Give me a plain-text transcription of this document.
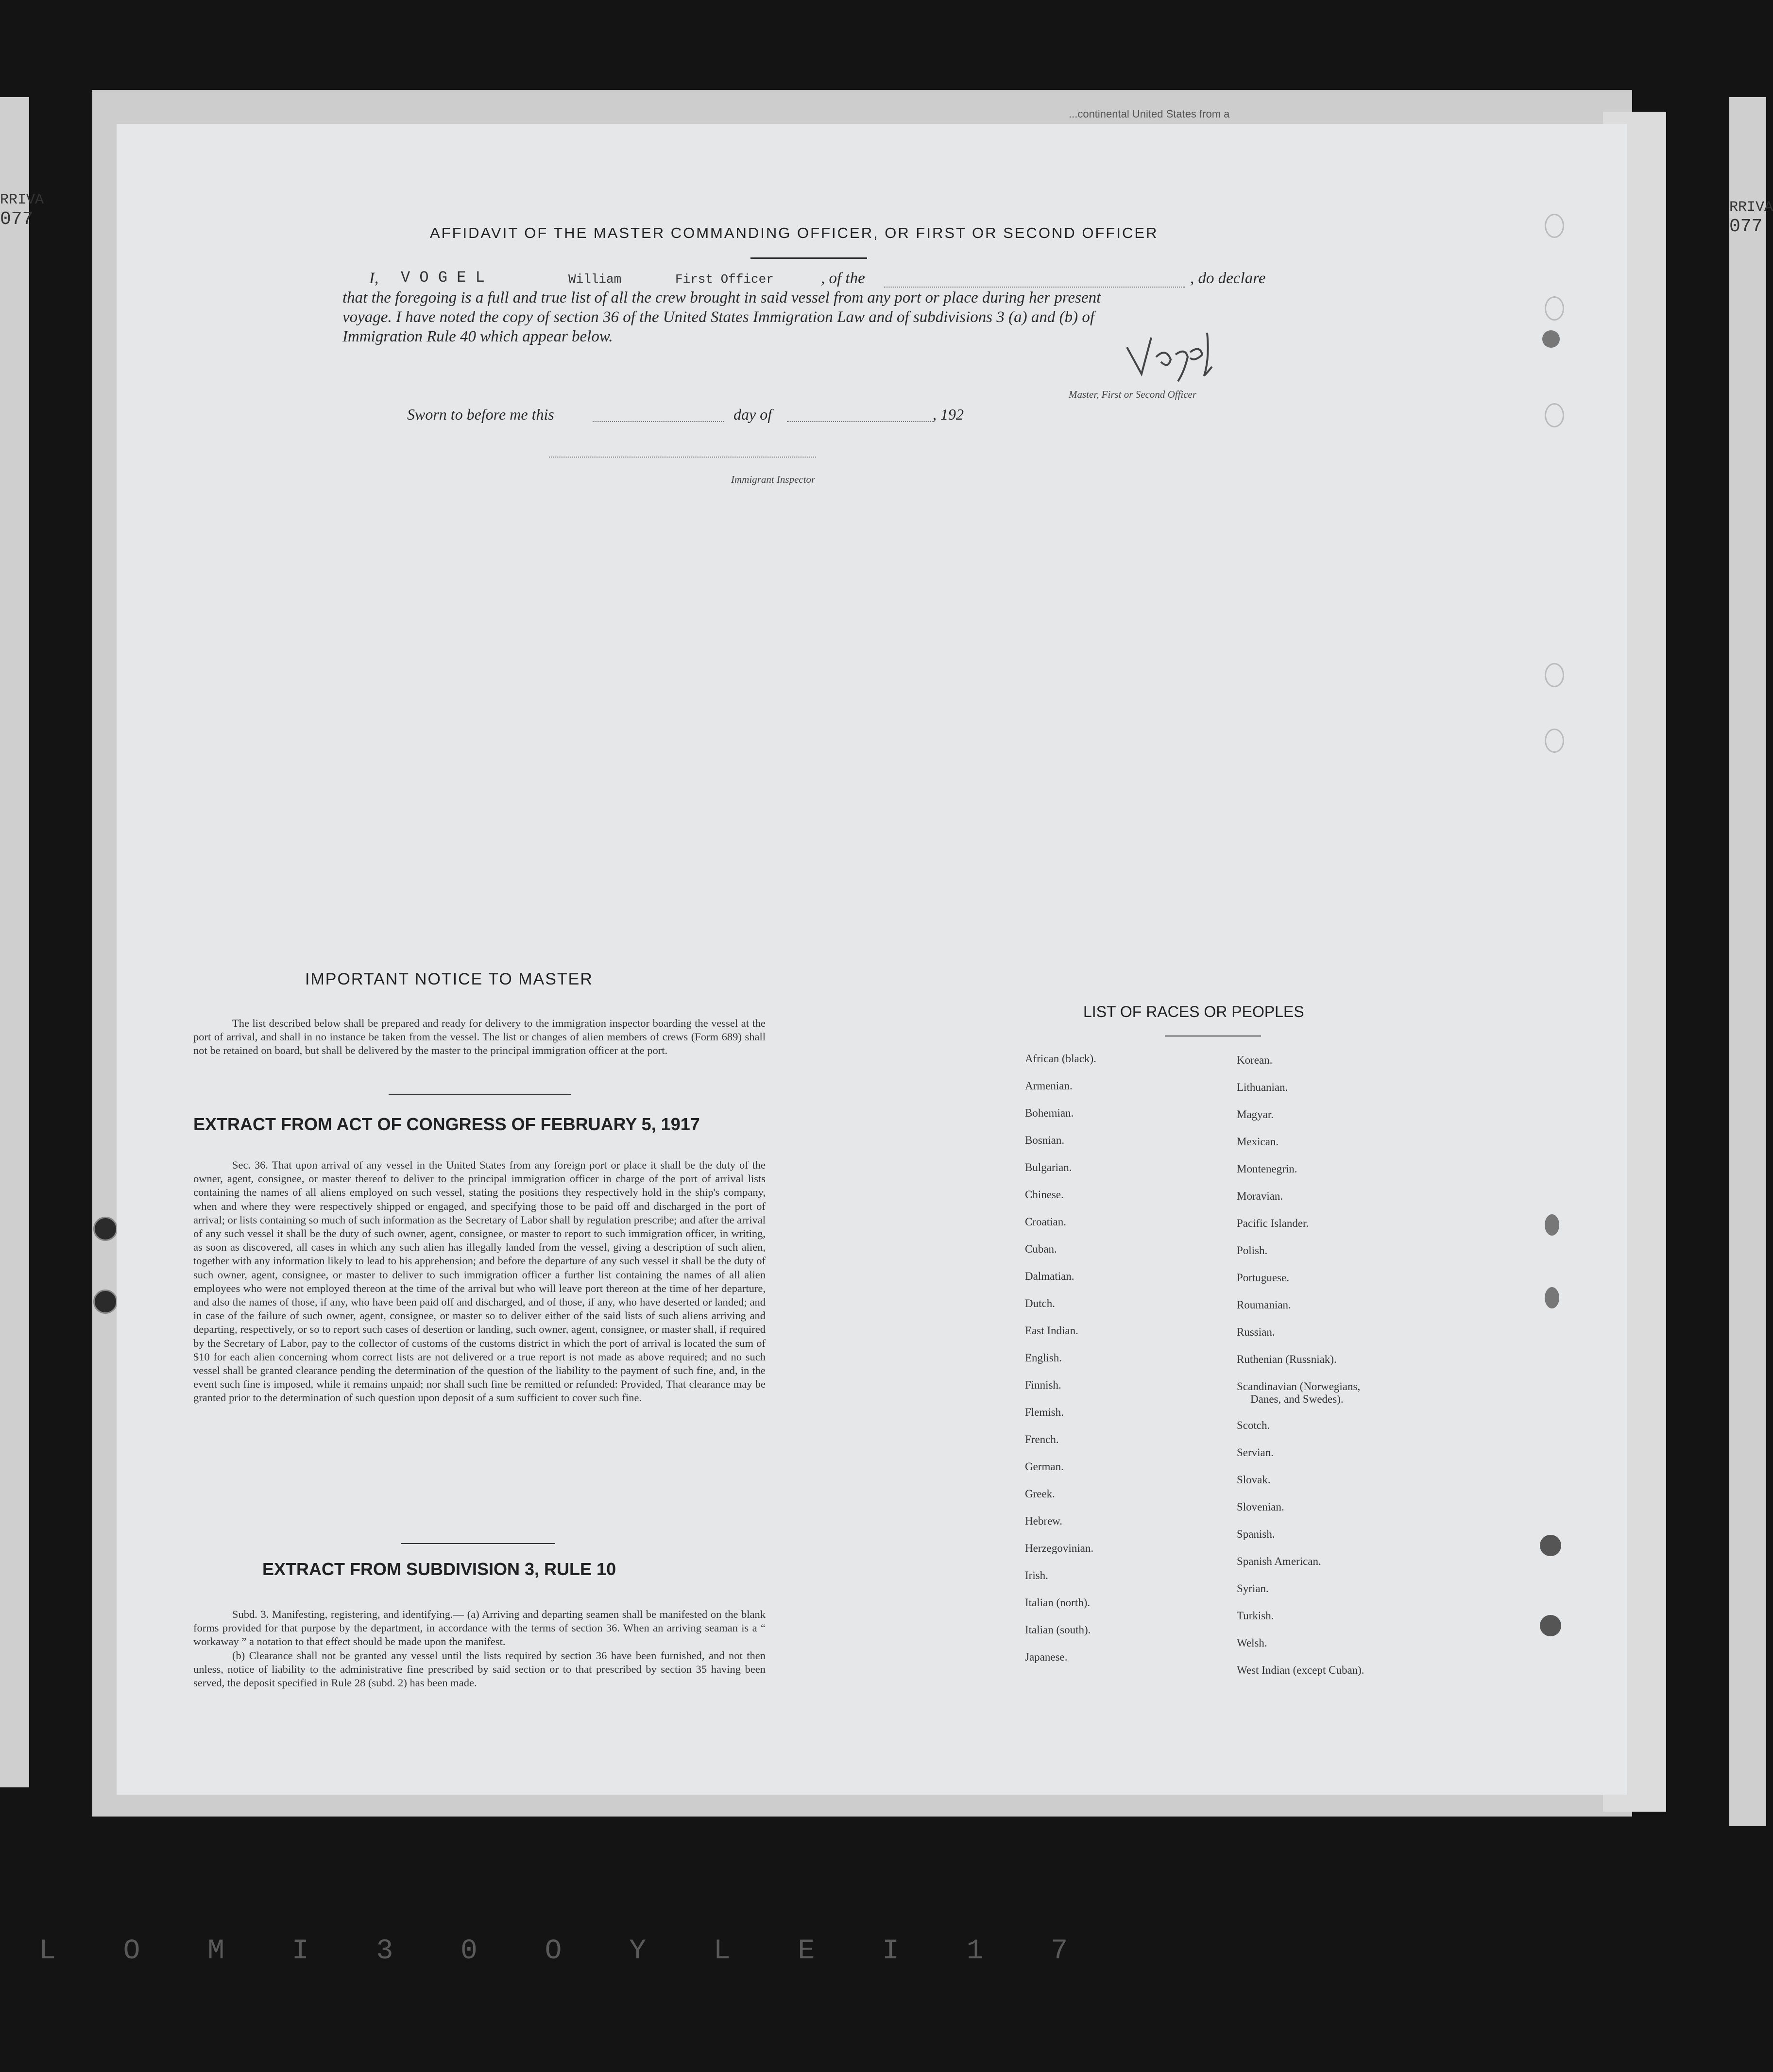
RRIVA
077
RRIVA
077
...continental United States from a
AFFIDAVIT OF THE MASTER COMMANDING OFFICER, OR FIRST OR SECOND OFFICER
I, V O G E L	William	First Officer	, of the	, do declare
that the foregoing is a full and true list of all the crew brought in said vessel from any port or place during her present
voyage. I have noted the copy of section 36 of the United States Immigration Law and of subdivisions 3 (a) and (b) of
Immigration Rule 40 which appear below.
Master, First or Second Officer
Sworn to before me this	day of	, 192
Immigrant Inspector
IMPORTANT NOTICE TO MASTER

The list described below shall be prepared and ready for delivery to the immigration inspector boarding the vessel at the port of arrival, and shall in no instance be taken from the vessel. The list or changes of alien members of crews (Form 689) shall not be retained on board, but shall be delivered by the master to the principal immigration officer at the port.

EXTRACT FROM ACT OF CONGRESS OF FEBRUARY 5, 1917

Sec. 36. That upon arrival of any vessel in the United States from any foreign port or place it shall be the duty of the owner, agent, consignee, or master thereof to deliver to the principal immigration officer in charge of the port of arrival lists containing the names of all aliens employed on such vessel, stating the positions they respectively hold in the ship's company, when and where they were respectively shipped or engaged, and specifying those to be paid off and discharged in the port of arrival; or lists containing so much of such information as the Secretary of Labor shall by regulation prescribe; and after the arrival of any such vessel it shall be the duty of such owner, agent, consignee, or master to report to such immigration officer, in writing, as soon as discovered, all cases in which any such alien has illegally landed from the vessel, giving a description of such alien, together with any information likely to lead to his apprehension; and before the departure of any such vessel it shall be the duty of such owner, agent, consignee, or master to deliver to such immigration officer a further list containing the names of all alien employees who were not employed thereon at the time of the arrival but who will leave port thereon at the time of her departure, and also the names of those, if any, who have been paid off and discharged, and of those, if any, who have deserted or landed; and in case of the failure of such owner, agent, consignee, or master so to deliver either of the said lists of such aliens arriving and departing, respectively, or so to report such cases of desertion or landing, such owner, agent, consignee, or master shall, if required by the Secretary of Labor, pay to the collector of customs of the customs district in which the port of arrival is located the sum of $10 for each alien concerning whom correct lists are not delivered or a true report is not made as above required; and no such vessel shall be granted clearance pending the determination of the question of the liability to the payment of such fine, and, in the event such fine is imposed, while it remains unpaid; nor shall such fine be remitted or refunded: Provided, That clearance may be granted prior to the determination of such question upon deposit of a sum sufficient to cover such fine.

EXTRACT FROM SUBDIVISION 3, RULE 10

Subd. 3. Manifesting, registering, and identifying.— (a) Arriving and departing seamen shall be manifested on the blank forms provided for that purpose by the department, in accordance with the terms of section 36. When an arriving seaman is a “ workaway ” a notation to that effect should be made upon the manifest.

(b) Clearance shall not be granted any vessel until the lists required by section 36 have been furnished, and not then unless, notice of liability to the administrative fine prescribed by said section or to that prescribed by section 35 having been served, the deposit specified in Rule 28 (subd. 2) has been made.

LIST OF RACES OR PEOPLES
African (black).
Armenian.
Bohemian.
Bosnian.
Bulgarian.
Chinese.
Croatian.
Cuban.
Dalmatian.
Dutch.
East Indian.
English.
Finnish.
Flemish.
French.
German.
Greek.
Hebrew.
Herzegovinian.
Irish.
Italian (north).
Italian (south).
Japanese.
Korean.
Lithuanian.
Magyar.
Mexican.
Montenegrin.
Moravian.
Pacific Islander.
Polish.
Portuguese.
Roumanian.
Russian.
Ruthenian (Russniak).
Scandinavian (Norwegians,
Danes, and Swedes).
Scotch.
Servian.
Slovak.
Slovenian.
Spanish.
Spanish American.
Syrian.
Turkish.
Welsh.
West Indian (except Cuban).
L O M I 3 0 O Y L E I 1 7
